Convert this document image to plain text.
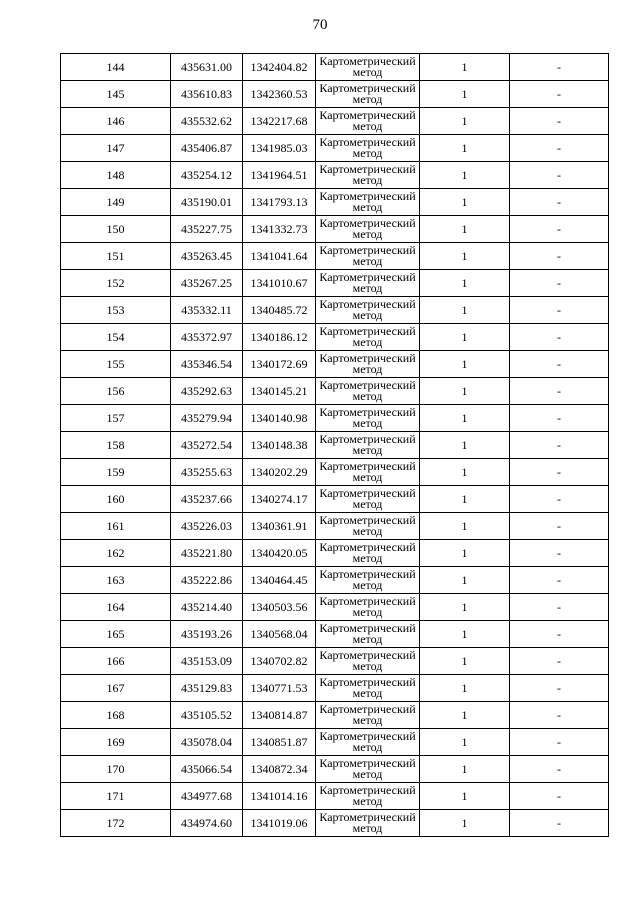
70
144	435631.00	1342404.82	Картометрический метод	1	-
145	435610.83	1342360.53	Картометрический метод	1	-
146	435532.62	1342217.68	Картометрический метод	1	-
147	435406.87	1341985.03	Картометрический метод	1	-
148	435254.12	1341964.51	Картометрический метод	1	-
149	435190.01	1341793.13	Картометрический метод	1	-
150	435227.75	1341332.73	Картометрический метод	1	-
151	435263.45	1341041.64	Картометрический метод	1	-
152	435267.25	1341010.67	Картометрический метод	1	-
153	435332.11	1340485.72	Картометрический метод	1	-
154	435372.97	1340186.12	Картометрический метод	1	-
155	435346.54	1340172.69	Картометрический метод	1	-
156	435292.63	1340145.21	Картометрический метод	1	-
157	435279.94	1340140.98	Картометрический метод	1	-
158	435272.54	1340148.38	Картометрический метод	1	-
159	435255.63	1340202.29	Картометрический метод	1	-
160	435237.66	1340274.17	Картометрический метод	1	-
161	435226.03	1340361.91	Картометрический метод	1	-
162	435221.80	1340420.05	Картометрический метод	1	-
163	435222.86	1340464.45	Картометрический метод	1	-
164	435214.40	1340503.56	Картометрический метод	1	-
165	435193.26	1340568.04	Картометрический метод	1	-
166	435153.09	1340702.82	Картометрический метод	1	-
167	435129.83	1340771.53	Картометрический метод	1	-
168	435105.52	1340814.87	Картометрический метод	1	-
169	435078.04	1340851.87	Картометрический метод	1	-
170	435066.54	1340872.34	Картометрический метод	1	-
171	434977.68	1341014.16	Картометрический метод	1	-
172	434974.60	1341019.06	Картометрический метод	1	-
